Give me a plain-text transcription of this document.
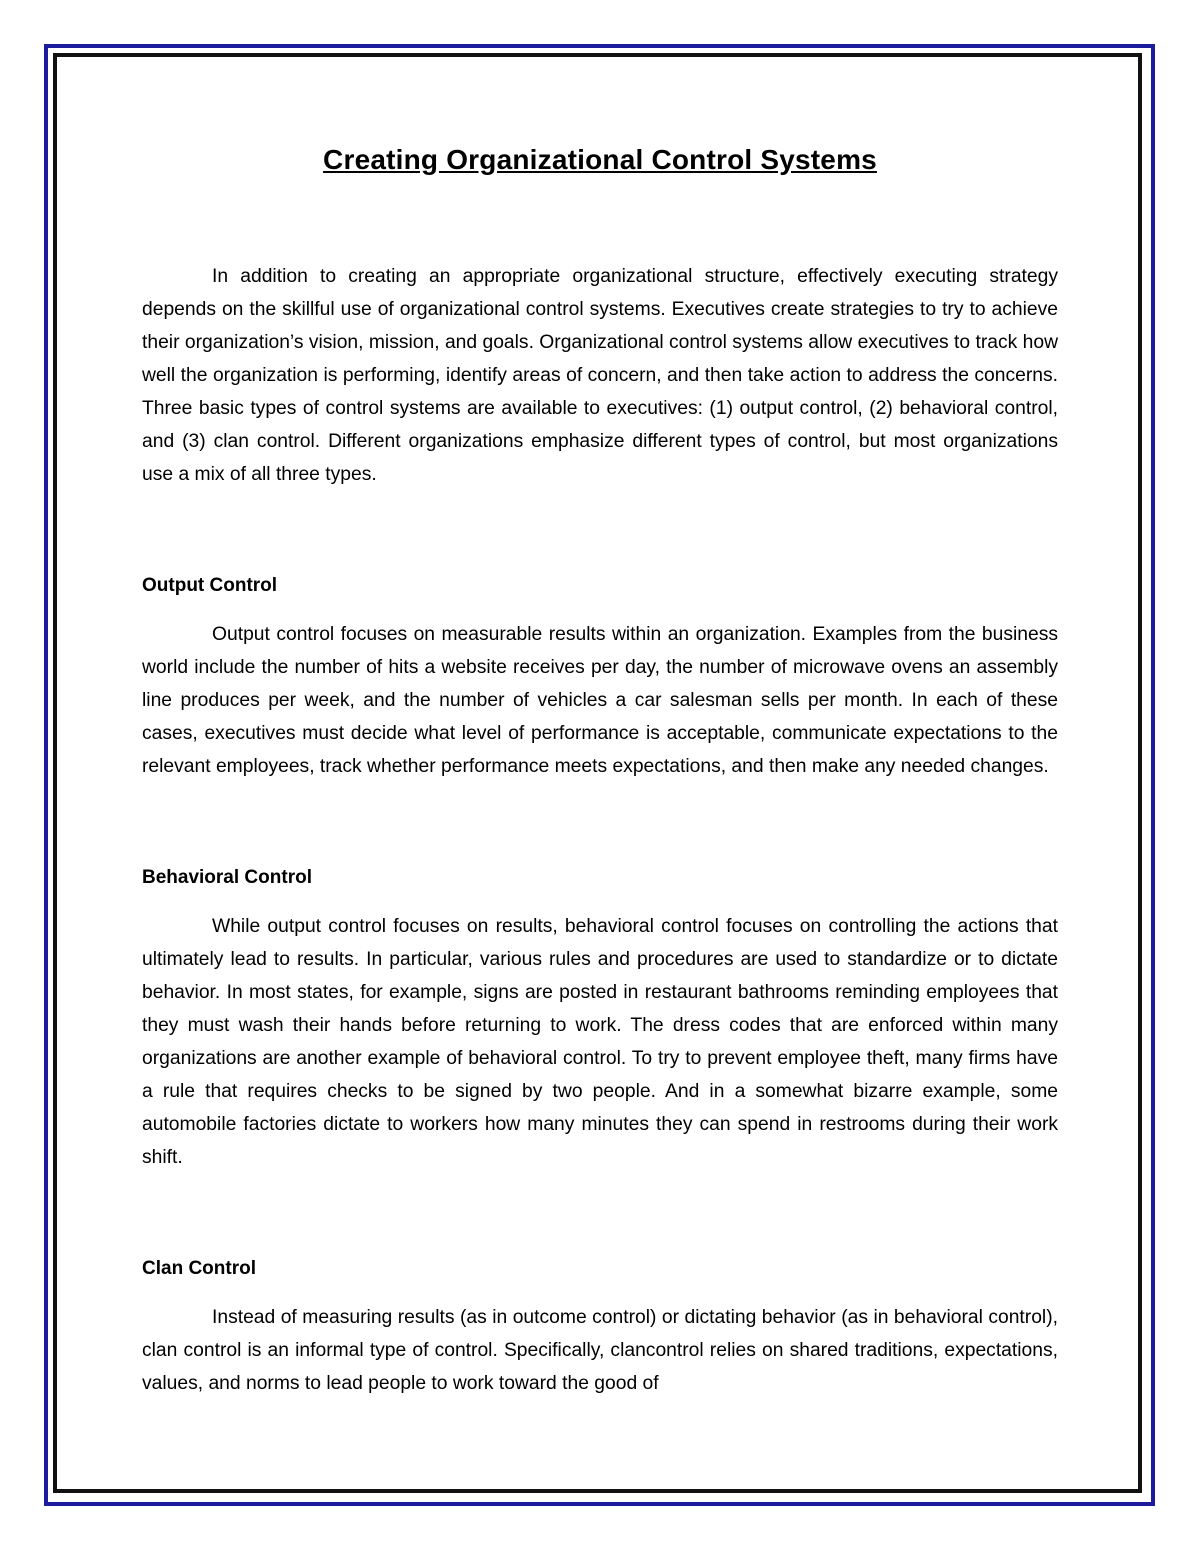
Creating Organizational Control Systems

In addition to creating an appropriate organizational structure, effectively executing strategy depends on the skillful use of organizational control systems. Executives create strategies to try to achieve their organization’s vision, mission, and goals. Organizational control systems allow executives to track how well the organization is performing, identify areas of concern, and then take action to address the concerns. Three basic types of control systems are available to executives: (1) output control, (2) behavioral control, and (3) clan control. Different organizations emphasize different types of control, but most organizations use a mix of all three types.

Output Control

Output control focuses on measurable results within an organization. Examples from the business world include the number of hits a website receives per day, the number of microwave ovens an assembly line produces per week, and the number of vehicles a car salesman sells per month. In each of these cases, executives must decide what level of performance is acceptable, communicate expectations to the relevant employees, track whether performance meets expectations, and then make any needed changes.

Behavioral Control

While output control focuses on results, behavioral control focuses on controlling the actions that ultimately lead to results. In particular, various rules and procedures are used to standardize or to dictate behavior. In most states, for example, signs are posted in restaurant bathrooms reminding employees that they must wash their hands before returning to work. The dress codes that are enforced within many organizations are another example of behavioral control. To try to prevent employee theft, many firms have a rule that requires checks to be signed by two people. And in a somewhat bizarre example, some automobile factories dictate to workers how many minutes they can spend in restrooms during their work shift.

Clan Control

Instead of measuring results (as in outcome control) or dictating behavior (as in behavioral control), clan control is an informal type of control. Specifically, clancontrol relies on shared traditions, expectations, values, and norms to lead people to work toward the good of
